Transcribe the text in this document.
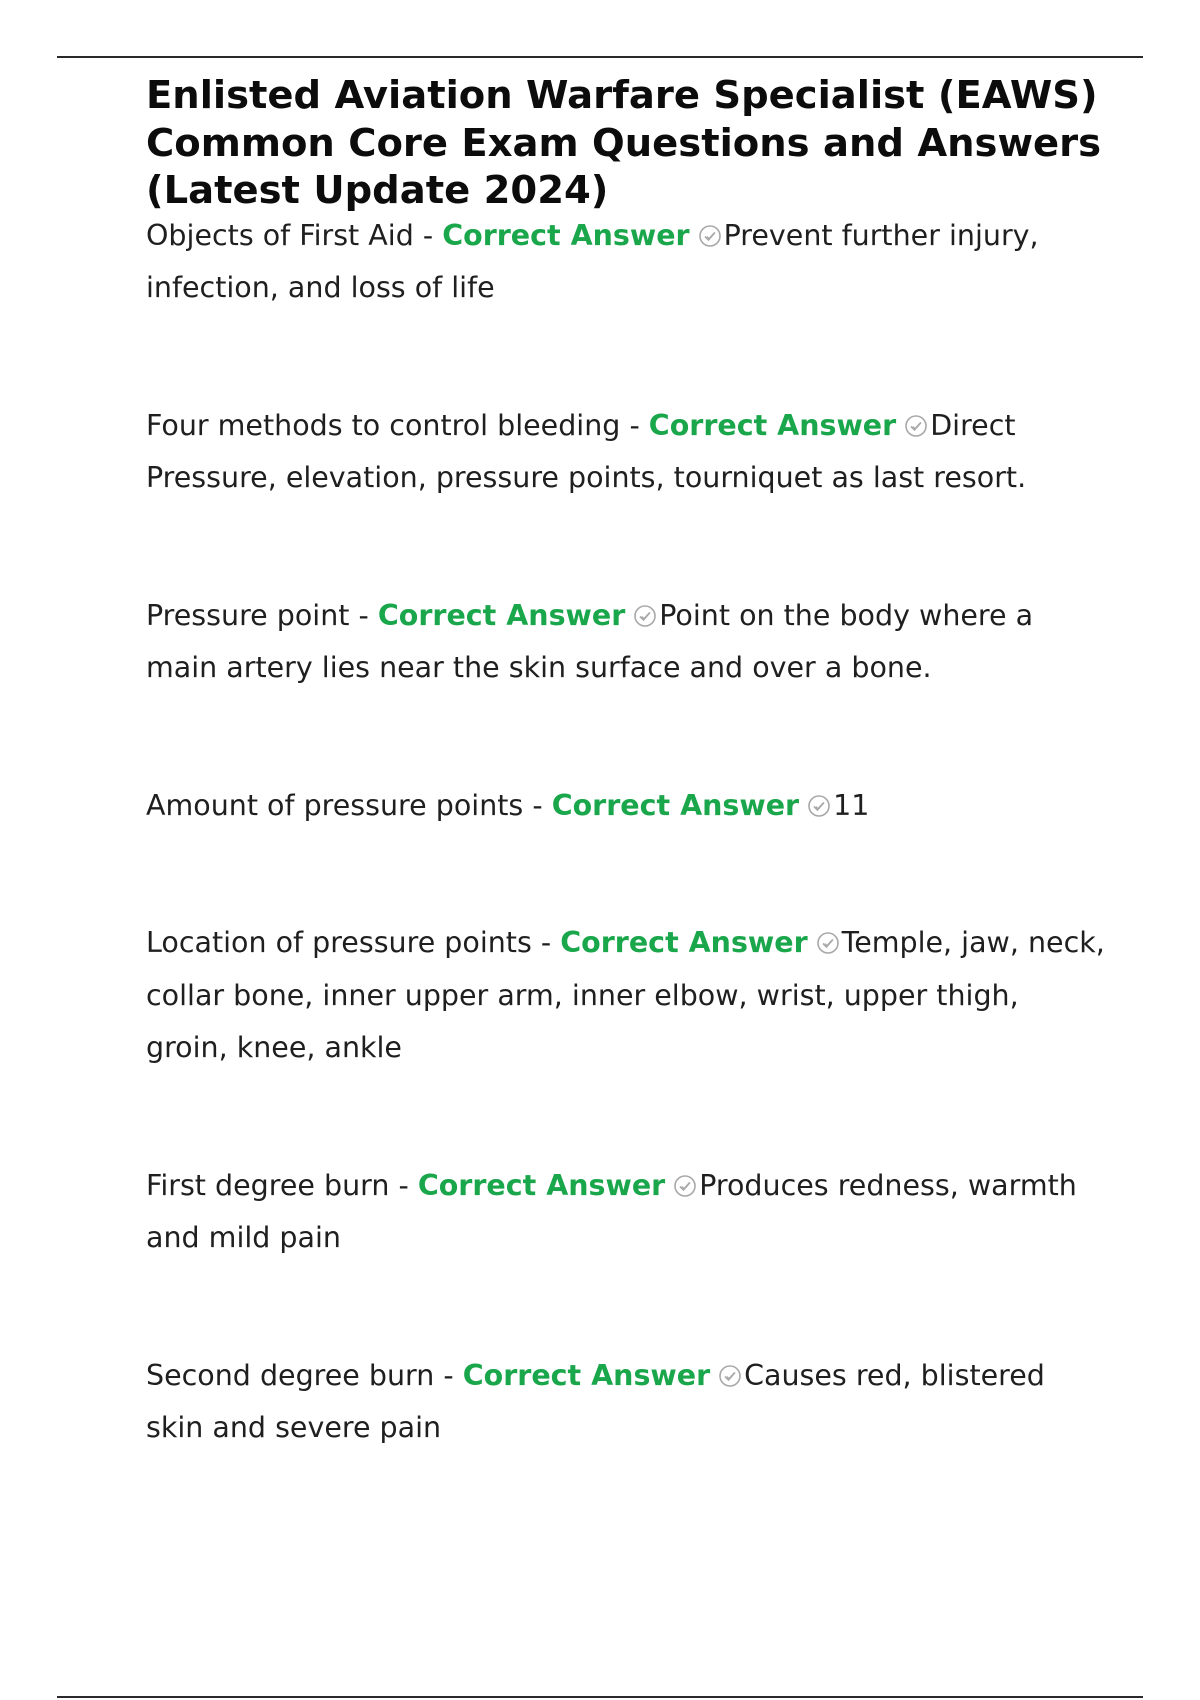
Enlisted Aviation Warfare Specialist (EAWS) Common Core Exam Questions and Answers (Latest Update 2024)

Objects of First Aid - Correct Answer Prevent further injury, infection, and loss of life

Four methods to control bleeding - Correct Answer Direct Pressure, elevation, pressure points, tourniquet as last resort.

Pressure point - Correct Answer Point on the body where a main artery lies near the skin surface and over a bone.

Amount of pressure points - Correct Answer 11

Location of pressure points - Correct Answer Temple, jaw, neck, collar bone, inner upper arm, inner elbow, wrist, upper thigh, groin, knee, ankle

First degree burn - Correct Answer Produces redness, warmth and mild pain

Second degree burn - Correct Answer Causes red, blistered skin and severe pain
